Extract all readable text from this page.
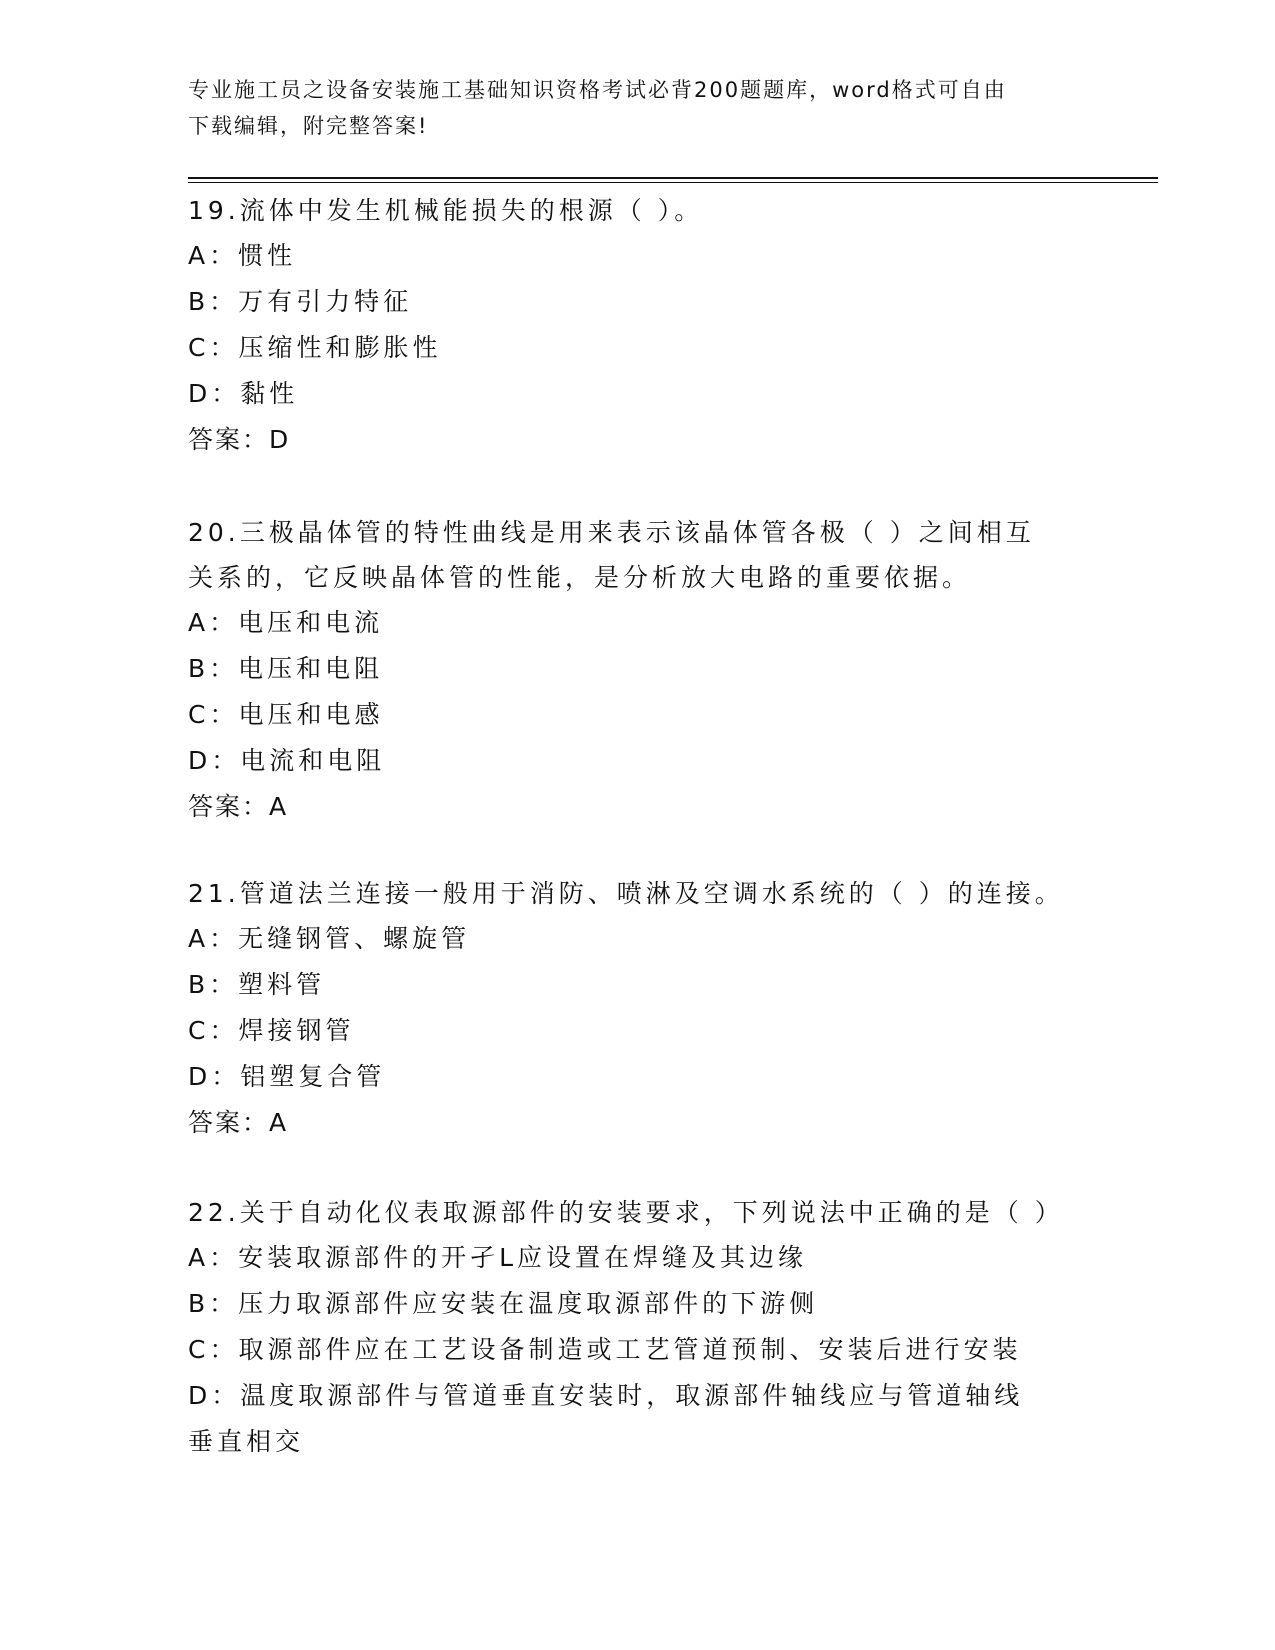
专业施工员之设备安装施工基础知识资格考试必背200题题库，word格式可自由
下载编辑，附完整答案!
19.流体中发生机械能损失的根源（ ）。
A：惯性
B：万有引力特征
C：压缩性和膨胀性
D：黏性
答案：D
20.三极晶体管的特性曲线是用来表示该晶体管各极（ ）之间相互关系的，它反映晶体管的性能，是分析放大电路的重要依据。
A：电压和电流
B：电压和电阻
C：电压和电感
D：电流和电阻
答案：A
21.管道法兰连接一般用于消防、喷淋及空调水系统的（ ）的连接。
A：无缝钢管、螺旋管
B：塑料管
C：焊接钢管
D：铝塑复合管
答案：A
22.关于自动化仪表取源部件的安装要求，下列说法中正确的是（ ）
A：安装取源部件的开孑L应设置在焊缝及其边缘
B：压力取源部件应安装在温度取源部件的下游侧
C：取源部件应在工艺设备制造或工艺管道预制、安装后进行安装
D：温度取源部件与管道垂直安装时，取源部件轴线应与管道轴线垂直相交
